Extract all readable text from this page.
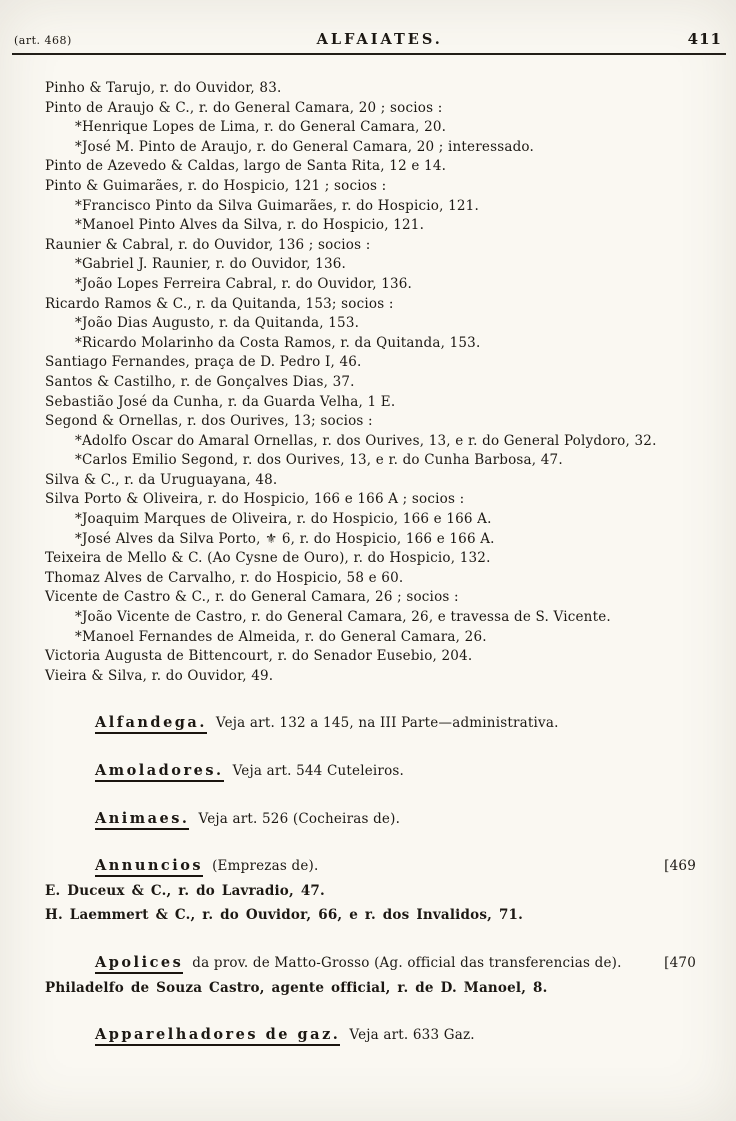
(art. 468)	ALFAIATES.	411
Pinho & Tarujo, r. do Ouvidor, 83.
Pinto de Araujo & C., r. do General Camara, 20 ; socios :
*Henrique Lopes de Lima, r. do General Camara, 20.
*José M. Pinto de Araujo, r. do General Camara, 20 ; interessado.
Pinto de Azevedo & Caldas, largo de Santa Rita, 12 e 14.
Pinto & Guimarães, r. do Hospicio, 121 ; socios :
*Francisco Pinto da Silva Guimarães, r. do Hospicio, 121.
*Manoel Pinto Alves da Silva, r. do Hospicio, 121.
Raunier & Cabral, r. do Ouvidor, 136 ; socios :
*Gabriel J. Raunier, r. do Ouvidor, 136.
*João Lopes Ferreira Cabral, r. do Ouvidor, 136.
Ricardo Ramos & C., r. da Quitanda, 153; socios :
*João Dias Augusto, r. da Quitanda, 153.
*Ricardo Molarinho da Costa Ramos, r. da Quitanda, 153.
Santiago Fernandes, praça de D. Pedro I, 46.
Santos & Castilho, r. de Gonçalves Dias, 37.
Sebastião José da Cunha, r. da Guarda Velha, 1 E.
Segond & Ornellas, r. dos Ourives, 13; socios :
*Adolfo Oscar do Amaral Ornellas, r. dos Ourives, 13, e r. do General Polydoro, 32.
*Carlos Emilio Segond, r. dos Ourives, 13, e r. do Cunha Barbosa, 47.
Silva & C., r. da Uruguayana, 48.
Silva Porto & Oliveira, r. do Hospicio, 166 e 166 A ; socios :
*Joaquim Marques de Oliveira, r. do Hospicio, 166 e 166 A.
*José Alves da Silva Porto, ⚜ 6, r. do Hospicio, 166 e 166 A.
Teixeira de Mello & C. (Ao Cysne de Ouro), r. do Hospicio, 132.
Thomaz Alves de Carvalho, r. do Hospicio, 58 e 60.
Vicente de Castro & C., r. do General Camara, 26 ; socios :
*João Vicente de Castro, r. do General Camara, 26, e travessa de S. Vicente.
*Manoel Fernandes de Almeida, r. do General Camara, 26.
Victoria Augusta de Bittencourt, r. do Senador Eusebio, 204.
Vieira & Silva, r. do Ouvidor, 49.
Alfandega. Veja art. 132 a 145, na III Parte—administrativa.
Amoladores. Veja art. 544 Cuteleiros.
Animaes. Veja art. 526 (Cocheiras de).
Annuncios (Emprezas de).	[469
E. Duceux & C., r. do Lavradio, 47.
H. Laemmert & C., r. do Ouvidor, 66, e r. dos Invalidos, 71.
Apolices da prov. de Matto-Grosso (Ag. official das transferencias de).	[470
Philadelfo de Souza Castro, agente official, r. de D. Manoel, 8.
Apparelhadores de gaz. Veja art. 633 Gaz.
